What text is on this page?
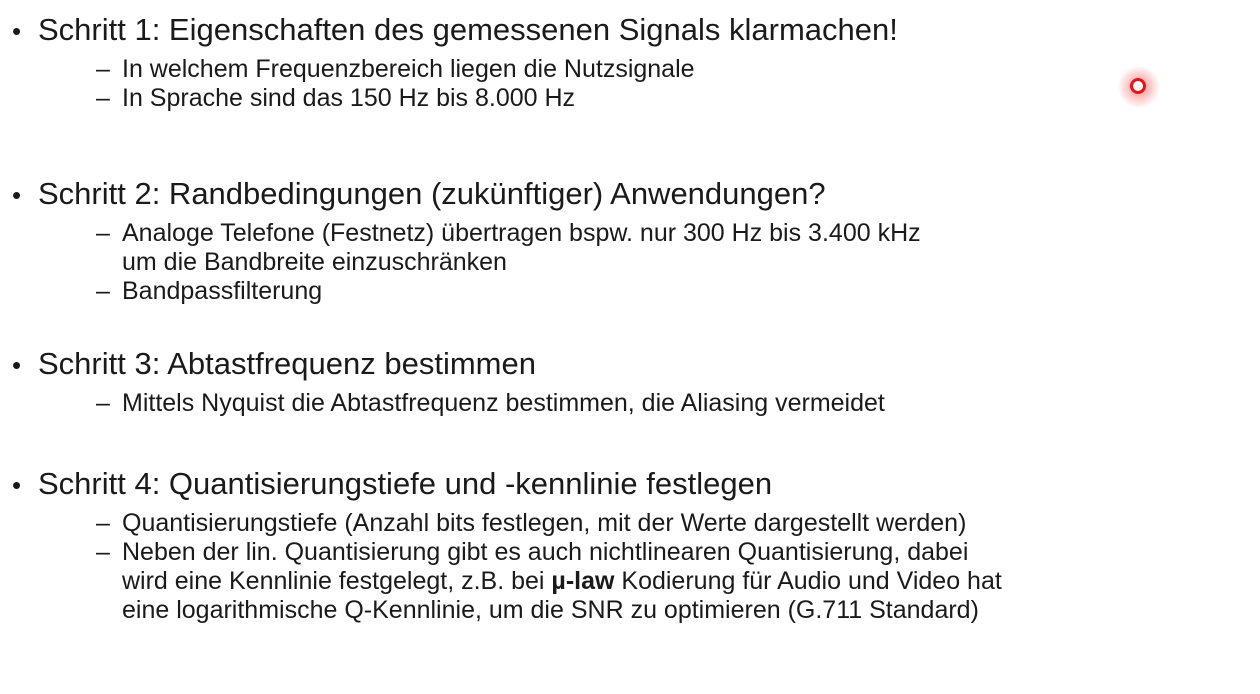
• Schritt 1: Eigenschaften des gemessenen Signals klarmachen!
– In welchem Frequenzbereich liegen die Nutzsignale
– In Sprache sind das 150 Hz bis 8.000 Hz
• Schritt 2: Randbedingungen (zukünftiger) Anwendungen?
– Analoge Telefone (Festnetz) übertragen bspw. nur 300 Hz bis 3.400 kHz
um die Bandbreite einzuschränken
– Bandpassfilterung
• Schritt 3: Abtastfrequenz bestimmen
– Mittels Nyquist die Abtastfrequenz bestimmen, die Aliasing vermeidet
• Schritt 4: Quantisierungstiefe und -kennlinie festlegen
– Quantisierungstiefe (Anzahl bits festlegen, mit der Werte dargestellt werden)
– Neben der lin. Quantisierung gibt es auch nichtlinearen Quantisierung, dabei
wird eine Kennlinie festgelegt, z.B. bei µ-law Kodierung für Audio und Video hat
eine logarithmische Q-Kennlinie, um die SNR zu optimieren (G.711 Standard)
